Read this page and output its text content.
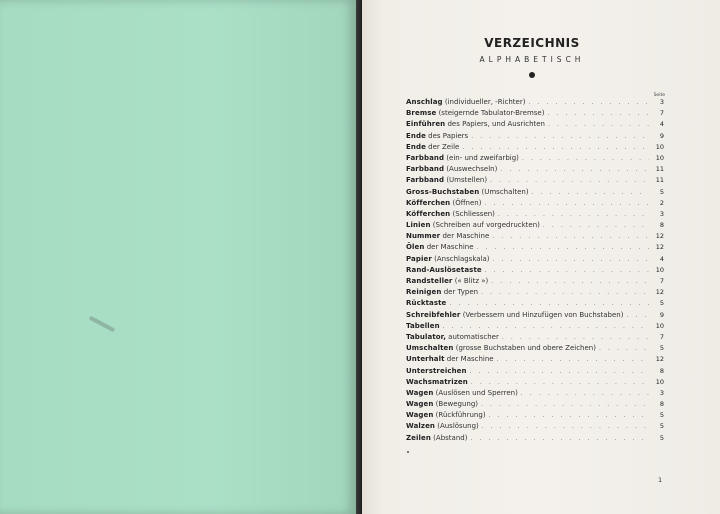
VERZEICHNIS
ALPHABETISCH
Seite
Anschlag (individueller, -Richter) . . .	3
Bremse (steigernde Tabulator-Bremse) . . .	7
Einführen des Papiers, und Ausrichten . . .	4
Ende des Papiers . . .	9
Ende der Zeile . . .	10
Farbband (ein- und zweifarbig) . . .	10
Farbband (Auswechseln) . . .	11
Farbband (Umstellen) . . .	11
Gross-Buchstaben (Umschalten) . . .	5
Köfferchen (Öffnen) . . .	2
Köfferchen (Schliessen) . . .	3
Linien (Schreiben auf vorgedruckten) . . .	8
Nummer der Maschine . . .	12
Ölen der Maschine . . .	12
Papier (Anschlagskala) . . .	4
Rand-Auslösetaste . . .	10
Randsteller (« Blitz ») . . .	7
Reinigen der Typen . . .	12
Rücktaste . . .	5
Schreibfehler (Verbessern und Hinzufügen von Buchstaben) . . .	9
Tabellen . . .	10
Tabulator, automatischer . . .	7
Umschalten (grosse Buchstaben und obere Zeichen) . . .	5
Unterhalt der Maschine . . .	12
Unterstreichen . . .	8
Wachsmatrizen . . .	10
Wagen (Auslösen und Sperren) . . .	3
Wagen (Bewegung) . . .	8
Wagen (Rückführung) . . .	5
Walzen (Auslösung) . . .	5
Zeilen (Abstand) . . .	5
1
